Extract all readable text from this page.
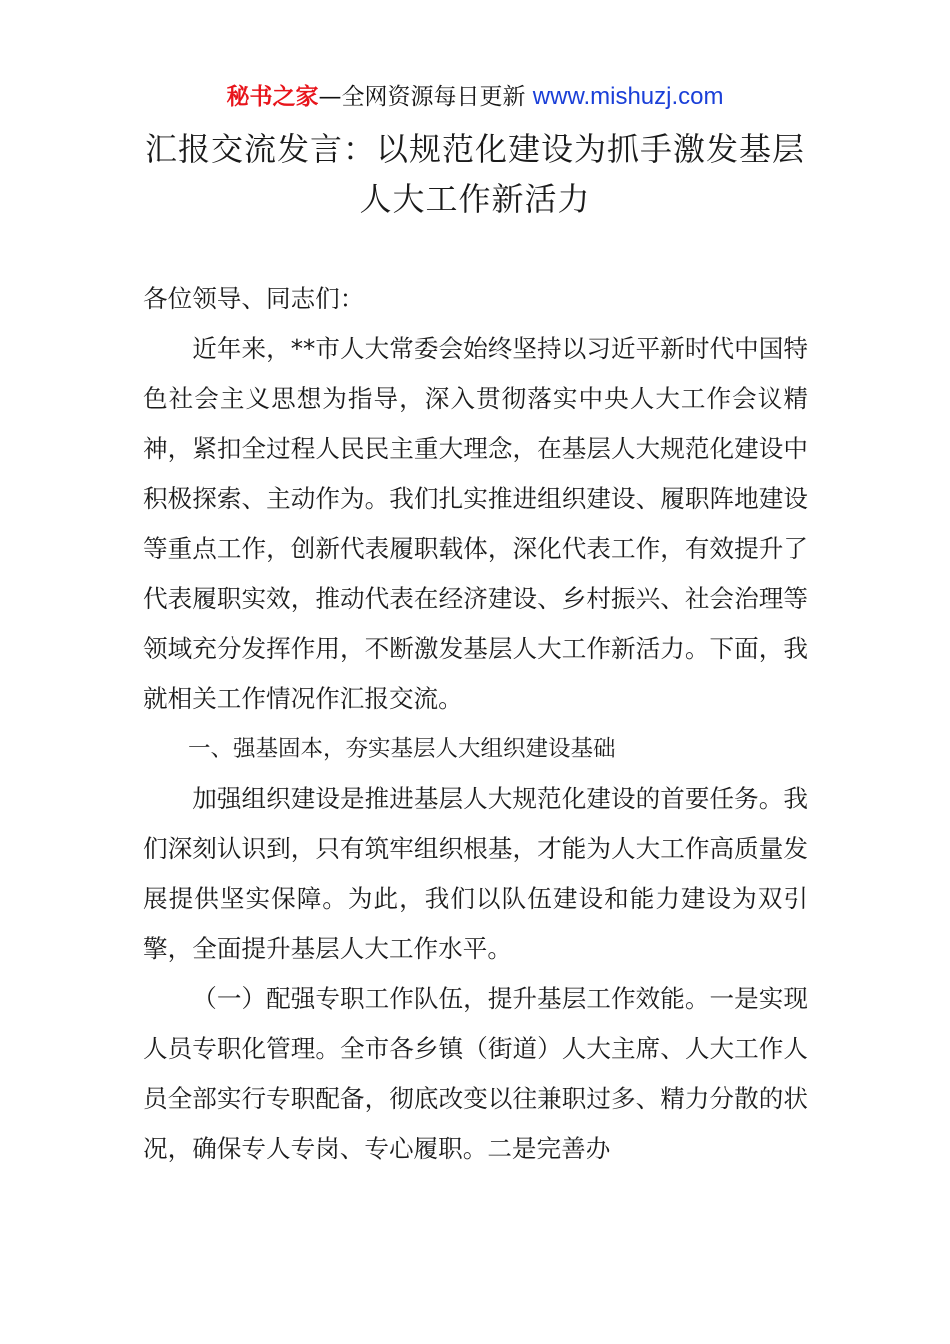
秘书之家—全网资源每日更新 www.mishuzj.com
汇报交流发言：以规范化建设为抓手激发基层
人大工作新活力

各位领导、同志们：

近年来，**市人大常委会始终坚持以习近平新时代中国特色社会主义思想为指导，深入贯彻落实中央人大工作会议精神，紧扣全过程人民民主重大理念，在基层人大规范化建设中积极探索、主动作为。我们扎实推进组织建设、履职阵地建设等重点工作，创新代表履职载体，深化代表工作，有效提升了代表履职实效，推动代表在经济建设、乡村振兴、社会治理等领域充分发挥作用，不断激发基层人大工作新活力。下面，我就相关工作情况作汇报交流。

一、强基固本，夯实基层人大组织建设基础

加强组织建设是推进基层人大规范化建设的首要任务。我们深刻认识到，只有筑牢组织根基，才能为人大工作高质量发展提供坚实保障。为此，我们以队伍建设和能力建设为双引擎，全面提升基层人大工作水平。

（一）配强专职工作队伍，提升基层工作效能。一是实现人员专职化管理。全市各乡镇（街道）人大主席、人大工作人员全部实行专职配备，彻底改变以往兼职过多、精力分散的状况，确保专人专岗、专心履职。二是完善办
